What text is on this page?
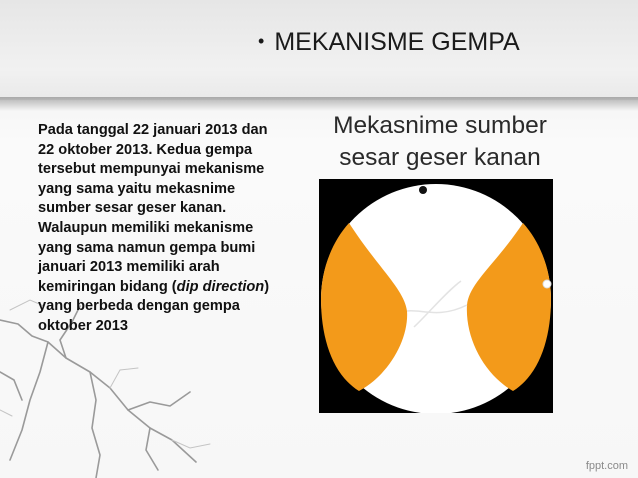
• MEKANISME GEMPA
Pada tanggal 22 januari 2013 dan 22 oktober 2013. Kedua gempa tersebut mempunyai mekanisme yang sama yaitu mekasnime sumber sesar geser kanan. Walaupun memiliki mekanisme yang sama namun gempa bumi januari 2013 memiliki arah kemiringan bidang (dip direction) yang berbeda dengan gempa oktober 2013
Mekasnime sumber
sesar geser kanan
fppt.com
